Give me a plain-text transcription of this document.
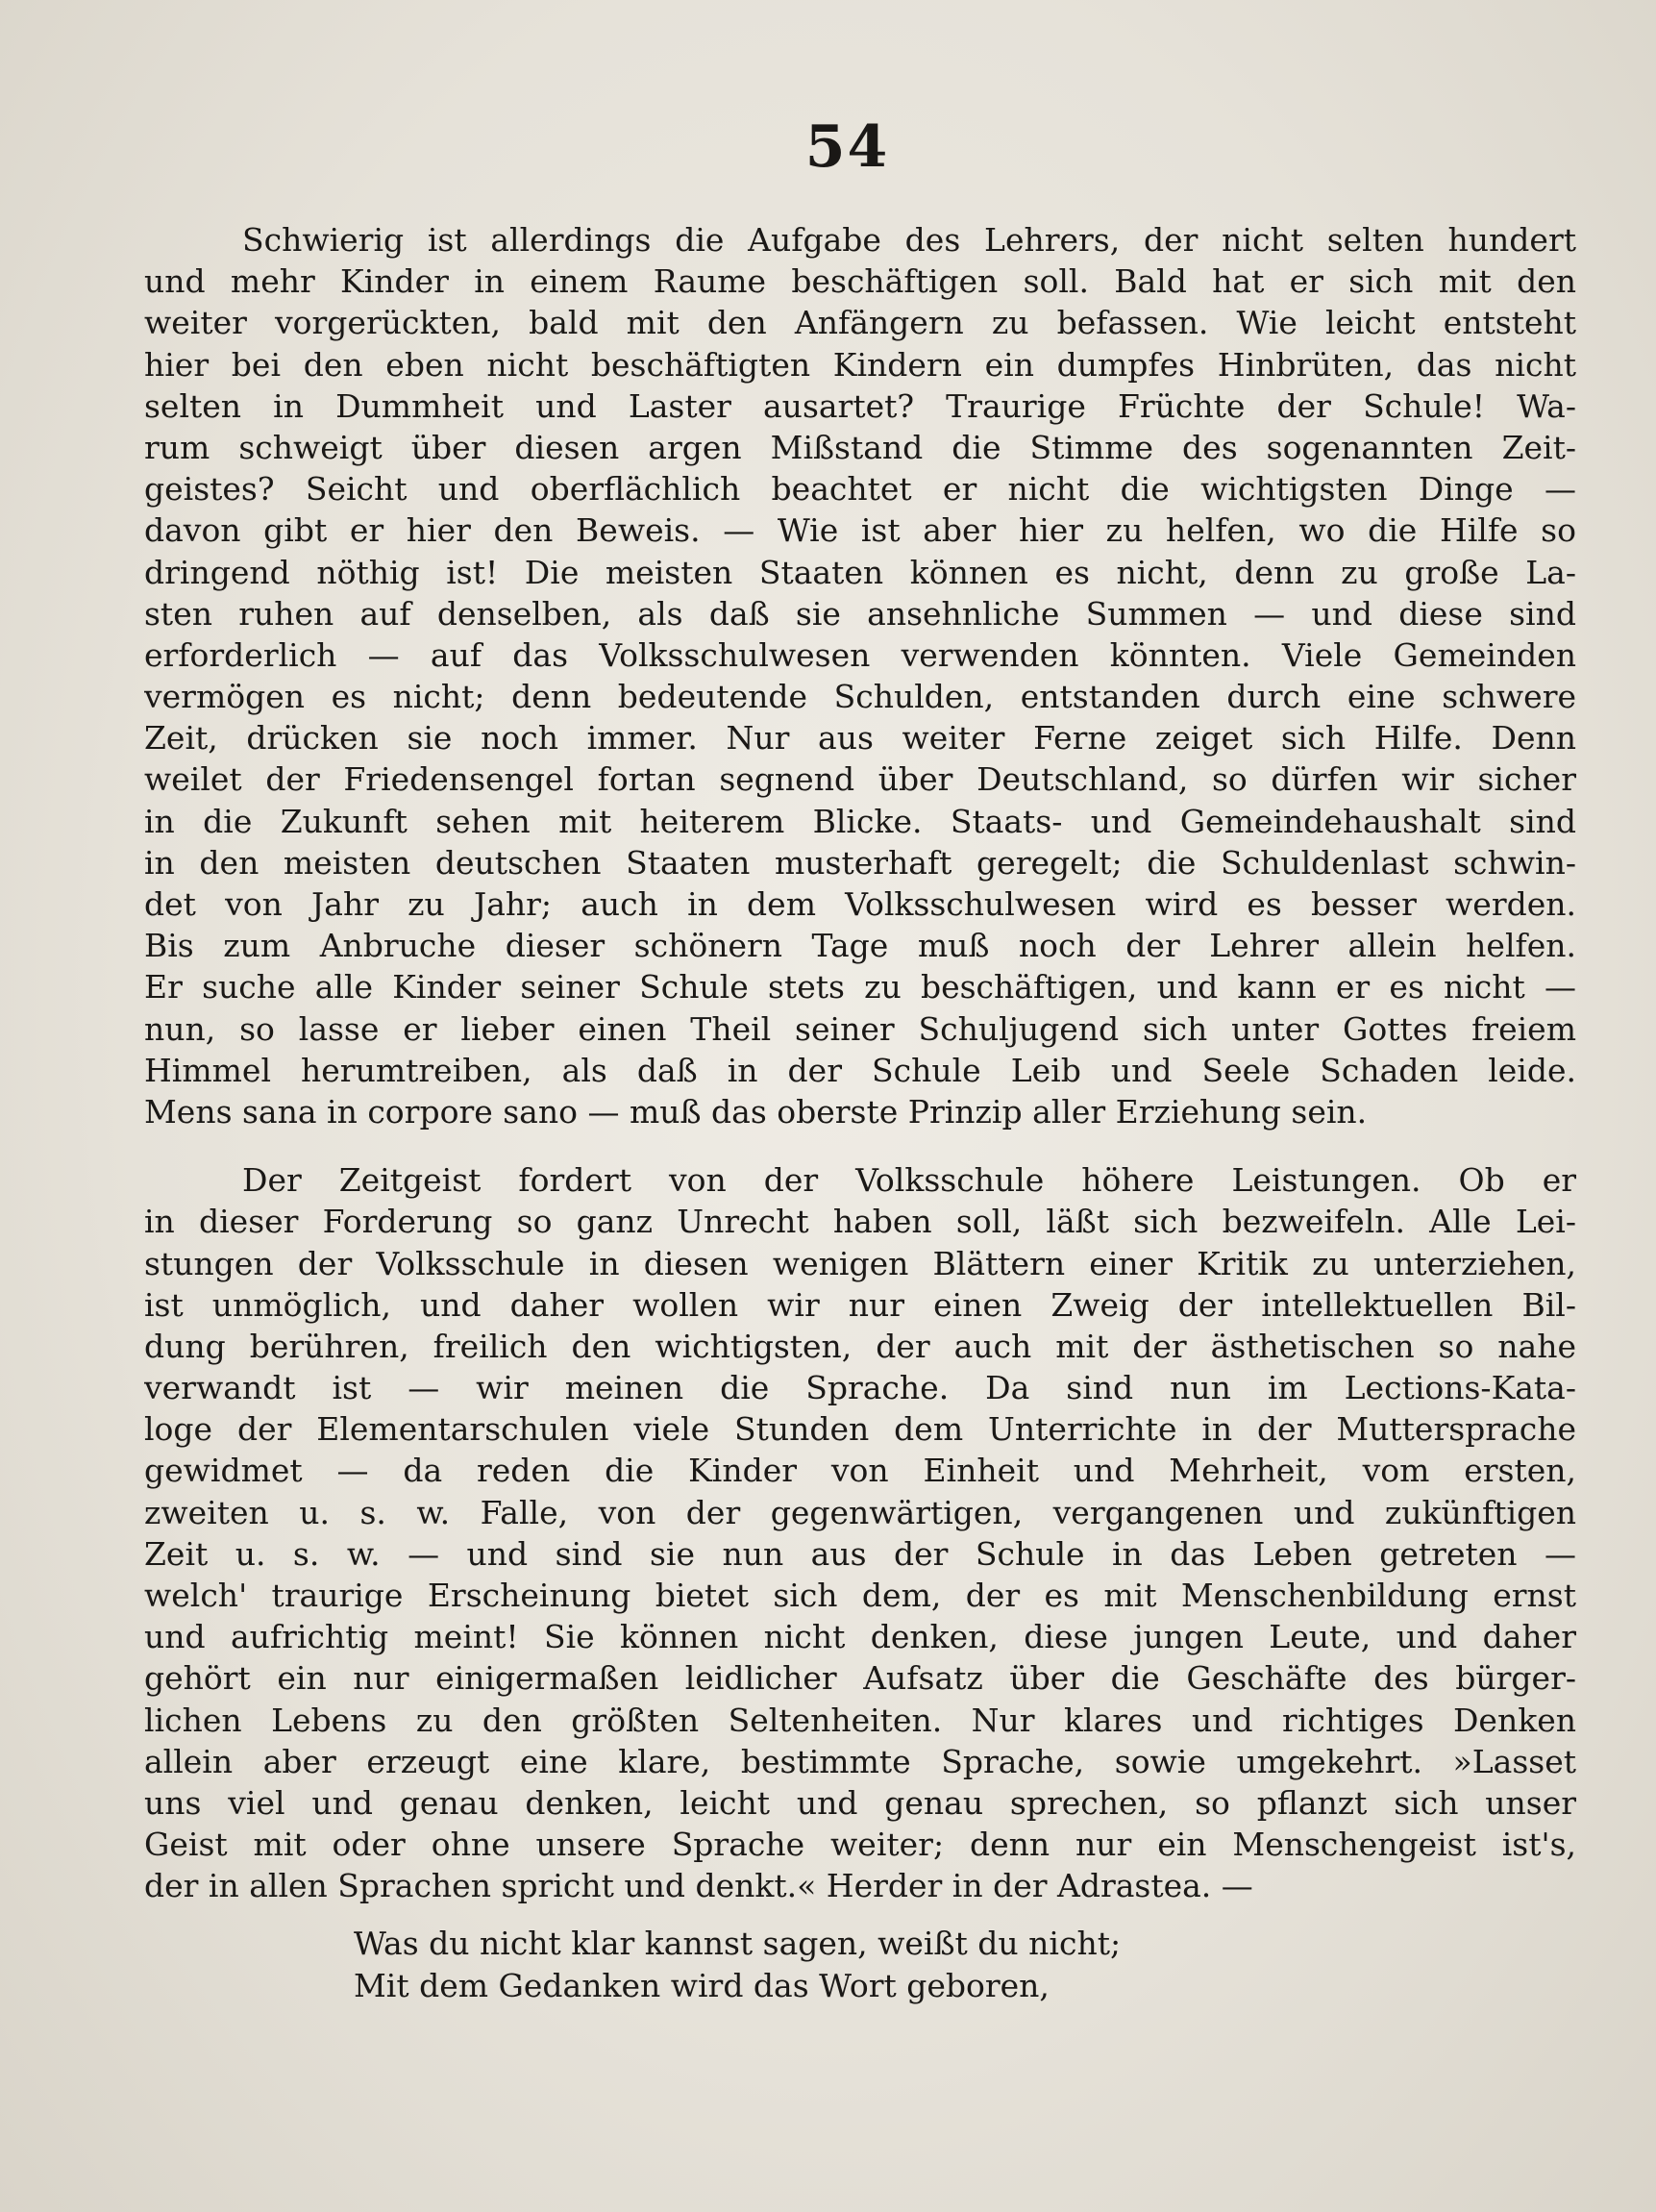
54
Schwierig ist allerdings die Aufgabe des Lehrers, der nicht selten hundert
und mehr Kinder in einem Raume beschäftigen soll. Bald hat er sich mit den
weiter vorgerückten, bald mit den Anfängern zu befassen. Wie leicht entsteht
hier bei den eben nicht beschäftigten Kindern ein dumpfes Hinbrüten, das nicht
selten in Dummheit und Laster ausartet? Traurige Früchte der Schule! Wa-
rum schweigt über diesen argen Mißstand die Stimme des sogenannten Zeit-
geistes? Seicht und oberflächlich beachtet er nicht die wichtigsten Dinge —
davon gibt er hier den Beweis. — Wie ist aber hier zu helfen, wo die Hilfe so
dringend nöthig ist! Die meisten Staaten können es nicht, denn zu große La-
sten ruhen auf denselben, als daß sie ansehnliche Summen — und diese sind
erforderlich — auf das Volksschulwesen verwenden könnten. Viele Gemeinden
vermögen es nicht; denn bedeutende Schulden, entstanden durch eine schwere
Zeit, drücken sie noch immer. Nur aus weiter Ferne zeiget sich Hilfe. Denn
weilet der Friedensengel fortan segnend über Deutschland, so dürfen wir sicher
in die Zukunft sehen mit heiterem Blicke. Staats- und Gemeindehaushalt sind
in den meisten deutschen Staaten musterhaft geregelt; die Schuldenlast schwin-
det von Jahr zu Jahr; auch in dem Volksschulwesen wird es besser werden.
Bis zum Anbruche dieser schönern Tage muß noch der Lehrer allein helfen.
Er suche alle Kinder seiner Schule stets zu beschäftigen, und kann er es nicht —
nun, so lasse er lieber einen Theil seiner Schuljugend sich unter Gottes freiem
Himmel herumtreiben, als daß in der Schule Leib und Seele Schaden leide.
Mens sana in corpore sano — muß das oberste Prinzip aller Erziehung sein.
Der Zeitgeist fordert von der Volksschule höhere Leistungen. Ob er
in dieser Forderung so ganz Unrecht haben soll, läßt sich bezweifeln. Alle Lei-
stungen der Volksschule in diesen wenigen Blättern einer Kritik zu unterziehen,
ist unmöglich, und daher wollen wir nur einen Zweig der intellektuellen Bil-
dung berühren, freilich den wichtigsten, der auch mit der ästhetischen so nahe
verwandt ist — wir meinen die Sprache. Da sind nun im Lections-Kata-
loge der Elementarschulen viele Stunden dem Unterrichte in der Muttersprache
gewidmet — da reden die Kinder von Einheit und Mehrheit, vom ersten,
zweiten u. s. w. Falle, von der gegenwärtigen, vergangenen und zukünftigen
Zeit u. s. w. — und sind sie nun aus der Schule in das Leben getreten —
welch' traurige Erscheinung bietet sich dem, der es mit Menschenbildung ernst
und aufrichtig meint! Sie können nicht denken, diese jungen Leute, und daher
gehört ein nur einigermaßen leidlicher Aufsatz über die Geschäfte des bürger-
lichen Lebens zu den größten Seltenheiten. Nur klares und richtiges Denken
allein aber erzeugt eine klare, bestimmte Sprache, sowie umgekehrt. »Lasset
uns viel und genau denken, leicht und genau sprechen, so pflanzt sich unser
Geist mit oder ohne unsere Sprache weiter; denn nur ein Menschengeist ist's,
der in allen Sprachen spricht und denkt.« Herder in der Adrastea. —
Was du nicht klar kannst sagen, weißt du nicht;
Mit dem Gedanken wird das Wort geboren,
